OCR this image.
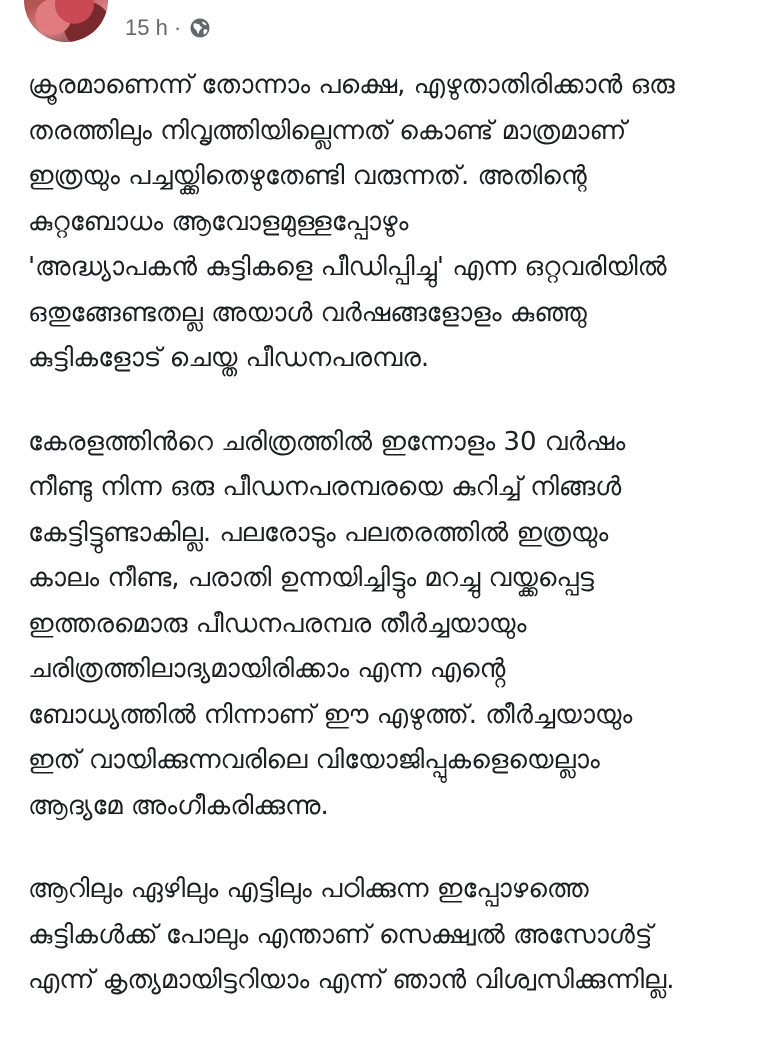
15 h ·
ക്രൂരമാണെന്ന് തോന്നാം പക്ഷെ, എഴുതാതിരിക്കാൻ ഒരു
തരത്തിലും നിവൃത്തിയില്ലെന്നത് കൊണ്ട് മാത്രമാണ്
ഇത്രയും പച്ചയ്ക്കിതെഴുതേണ്ടി വരുന്നത്. അതിന്റെ
കുറ്റബോധം ആവോളമുള്ളപ്പോഴും
'അദ്ധ്യാപകൻ കുട്ടികളെ പീഡിപ്പിച്ചു' എന്ന ഒറ്റവരിയിൽ
ഒതുങ്ങേണ്ടതല്ല അയാൾ വർഷങ്ങളോളം കുഞ്ഞു
കുട്ടികളോട് ചെയ്ത പീഡനപരമ്പര.
കേരളത്തിൻറെ ചരിത്രത്തിൽ ഇന്നോളം 30 വർഷം
നീണ്ടു നിന്ന ഒരു പീഡനപരമ്പരയെ കുറിച്ച് നിങ്ങൾ
കേട്ടിട്ടുണ്ടാകില്ല. പലരോടും പലതരത്തിൽ ഇത്രയും
കാലം നീണ്ട, പരാതി ഉന്നയിച്ചിട്ടും മറച്ചു വയ്ക്കപ്പെട്ട
ഇത്തരമൊരു പീഡനപരമ്പര തീർച്ചയായും
ചരിത്രത്തിലാദ്യമായിരിക്കാം എന്ന എൻ്റെ
ബോധ്യത്തിൽ നിന്നാണ് ഈ എഴുത്ത്. തീർച്ചയായും
ഇത് വായിക്കുന്നവരിലെ വിയോജിപ്പുകളെയെല്ലാം
ആദ്യമേ അംഗീകരിക്കുന്നു.
ആറിലും ഏഴിലും എട്ടിലും പഠിക്കുന്ന ഇപ്പോഴത്തെ
കുട്ടികൾക്ക് പോലും എന്താണ് സെക്ഷ്വൽ അസോൾട്ട്
എന്ന് കൃത്യമായിട്ടറിയാം എന്ന് ഞാൻ വിശ്വസിക്കുന്നില്ല.
